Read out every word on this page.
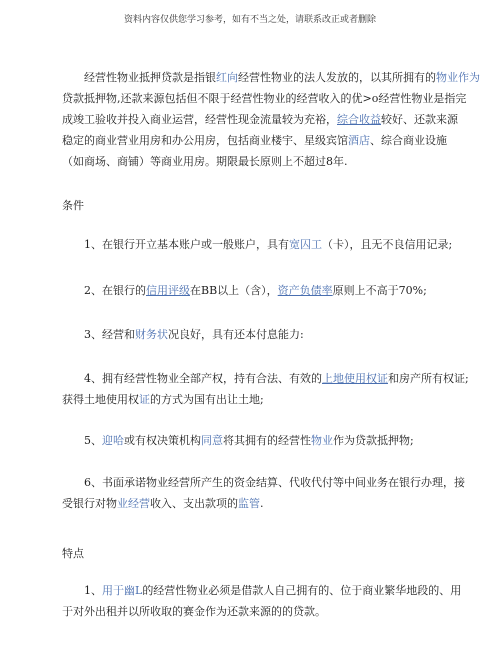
资料内容仅供您学习参考，如有不当之处，请联系改正或者删除
经营性物业抵押贷款是指银红向经营性物业的法人发放的，以其所拥有的物业作为
贷款抵押物,还款来源包括但不限于经营性物业的经营收入的优>o经营性物业是指完
成竣工验收并投入商业运营，经营性现金流量较为充裕，综合收益较好、还款来源
稳定的商业营业用房和办公用房，包括商业楼宇、星级宾馆酒店、综合商业设施
（如商场、商铺）等商业用房。期限最长原则上不超过8年.
条件
1、在银行开立基本账户或一般账户，具有宽囚工（卡），且无不良信用记录;
2、在银行的信用评级在BB以上（含），资产负债率原则上不高于70%;
3、经营和财务状况良好，具有还本付息能力:
4、拥有经营性物业全部产权，持有合法、有效的上地使用权证和房产所有权证;
获得土地使用权证的方式为国有出让土地;
5、迎哈或有权决策机构同意将其拥有的经营性物业作为贷款抵押物;
6、书面承诺物业经营所产生的资金结算、代收代付等中间业务在银行办理，接
受银行对物业经营收入、支出款项的监管.
特点
1、用于幽L的经营性物业必须是借款人自己拥有的、位于商业繁华地段的、用
于对外出租并以所收取的赛金作为还款来源的的贷款。
